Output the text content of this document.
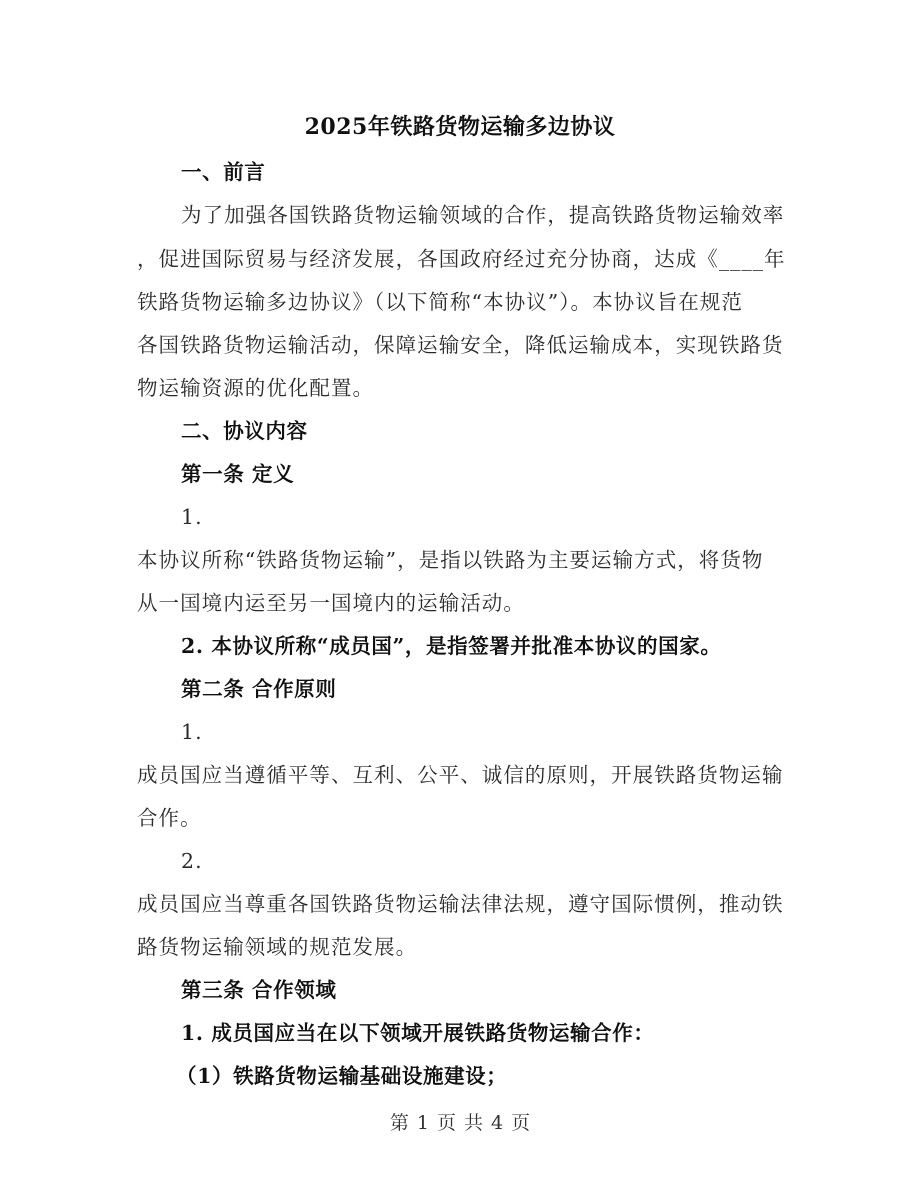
2025年铁路货物运输多边协议
一、前言
为了加强各国铁路货物运输领域的合作，提高铁路货物运输效率
，促进国际贸易与经济发展，各国政府经过充分协商，达成《____年
铁路货物运输多边协议》（以下简称“本协议”）。本协议旨在规范
各国铁路货物运输活动，保障运输安全，降低运输成本，实现铁路货
物运输资源的优化配置。
二、协议内容
第一条 定义
1.
本协议所称“铁路货物运输”，是指以铁路为主要运输方式，将货物
从一国境内运至另一国境内的运输活动。
2. 本协议所称“成员国”，是指签署并批准本协议的国家。
第二条 合作原则
1.
成员国应当遵循平等、互利、公平、诚信的原则，开展铁路货物运输
合作。
2.
成员国应当尊重各国铁路货物运输法律法规，遵守国际惯例，推动铁
路货物运输领域的规范发展。
第三条 合作领域
1. 成员国应当在以下领域开展铁路货物运输合作：
（1）铁路货物运输基础设施建设；
第 1 页 共 4 页
